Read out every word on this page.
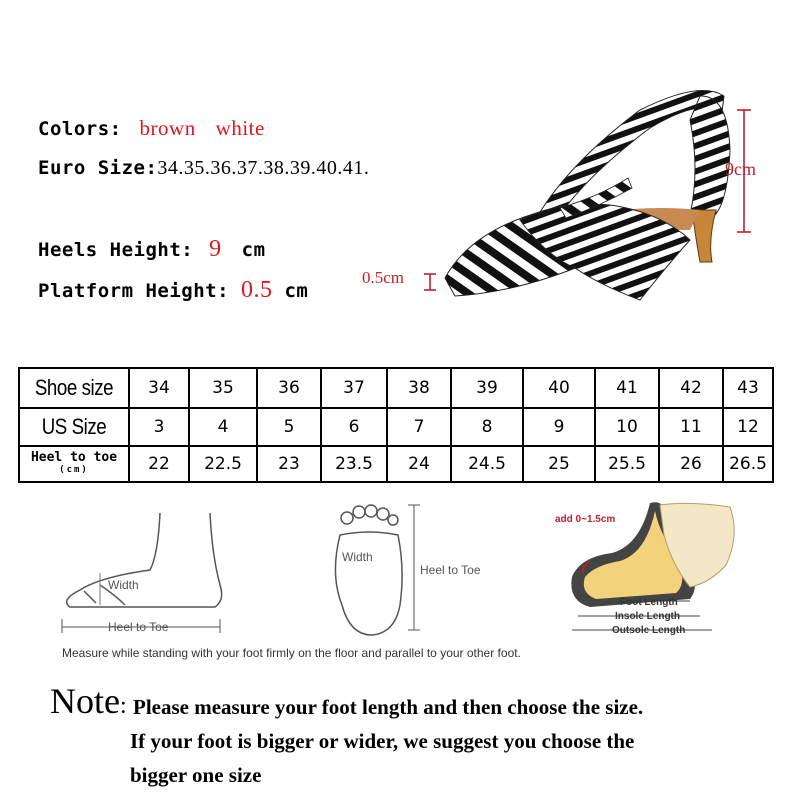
Colors: brown white
Euro Size:34.35.36.37.38.39.40.41.
Heels Height: 9 cm
Platform Height: 0.5 cm
9cm
0.5cm
Shoe size	34	35	36	37	38	39	40	41	42	43
US Size	3	4	5	6	7	8	9	10	11	12

Heel to toe
(cm)	22	22.5	23	23.5	24	24.5	25	25.5	26	26.5
Width
Heel to Toe
Width
Heel to Toe
add 0~1.5cm
Foot Length
Insole Length
Outsole Length
Measure while standing with your foot firmly on the floor and parallel to your other foot.
Note: Please measure your foot length and then choose the size.
If your foot is bigger or wider, we suggest you choose the
bigger one size
